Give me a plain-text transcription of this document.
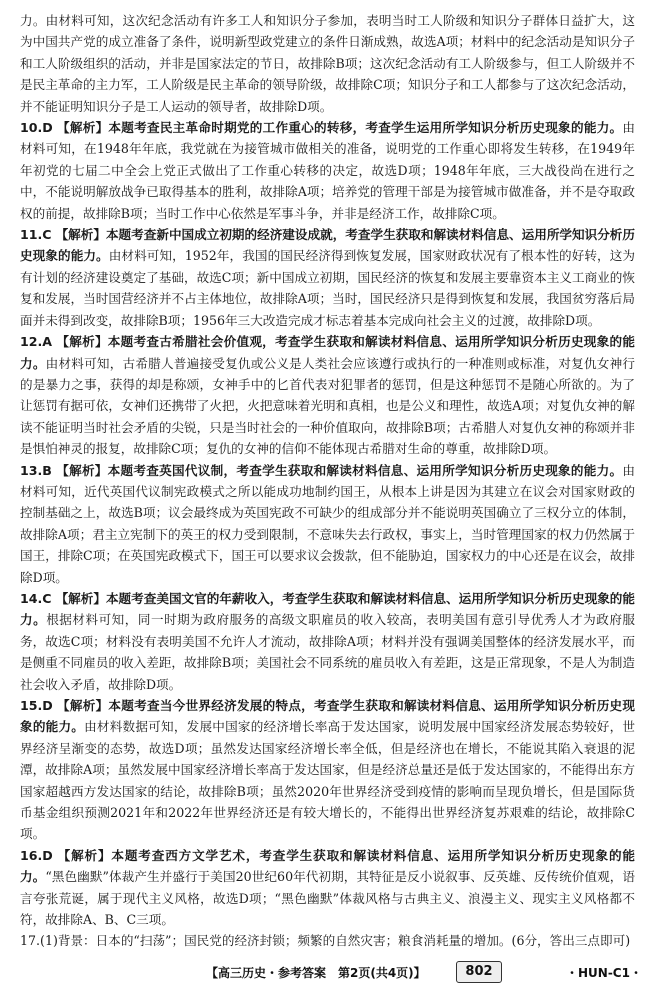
力。由材料可知，这次纪念活动有许多工人和知识分子参加，表明当时工人阶级和知识分子群体日益扩大，这为中国共产党的成立准备了条件，说明新型政党建立的条件日渐成熟，故选A项；材料中的纪念活动是知识分子和工人阶级组织的活动，并非是国家法定的节日，故排除B项；这次纪念活动有工人阶级参与，但工人阶级并不是民主革命的主力军，工人阶级是民主革命的领导阶级，故排除C项；知识分子和工人都参与了这次纪念活动，并不能证明知识分子是工人运动的领导者，故排除D项。
10.D 【解析】本题考查民主革命时期党的工作重心的转移，考查学生运用所学知识分析历史现象的能力。由材料可知，在1948年年底，我党就在为接管城市做相关的准备，说明党的工作重心即将发生转移，在1949年年初党的七届二中全会上党正式做出了工作重心转移的决定，故选D项；1948年年底，三大战役尚在进行之中，不能说明解放战争已取得基本的胜利，故排除A项；培养党的管理干部是为接管城市做准备，并不是夺取政权的前提，故排除B项；当时工作中心依然是军事斗争，并非是经济工作，故排除C项。
11.C 【解析】本题考查新中国成立初期的经济建设成就，考查学生获取和解读材料信息、运用所学知识分析历史现象的能力。由材料可知，1952年，我国的国民经济得到恢复发展，国家财政状况有了根本性的好转，这为有计划的经济建设奠定了基础，故选C项；新中国成立初期，国民经济的恢复和发展主要靠资本主义工商业的恢复和发展，当时国营经济并不占主体地位，故排除A项；当时，国民经济只是得到恢复和发展，我国贫穷落后局面并未得到改变，故排除B项；1956年三大改造完成才标志着基本完成向社会主义的过渡，故排除D项。
12.A 【解析】本题考查古希腊社会价值观，考查学生获取和解读材料信息、运用所学知识分析历史现象的能力。由材料可知，古希腊人普遍接受复仇或公义是人类社会应该遵行或执行的一种准则或标准，对复仇女神行的是暴力之事，获得的却是称颂，女神手中的匕首代表对犯罪者的惩罚，但是这种惩罚不是随心所欲的。为了让惩罚有据可依，女神们还携带了火把，火把意味着光明和真相，也是公义和理性，故选A项；对复仇女神的解读不能证明当时社会矛盾的尖锐，只是当时社会的一种价值取向，故排除B项；古希腊人对复仇女神的称颂并非是惧怕神灵的报复，故排除C项；复仇的女神的信仰不能体现古希腊对生命的尊重，故排除D项。
13.B 【解析】本题考查英国代议制，考查学生获取和解读材料信息、运用所学知识分析历史现象的能力。由材料可知，近代英国代议制宪政模式之所以能成功地制约国王，从根本上讲是因为其建立在议会对国家财政的控制基础之上，故选B项；议会最终成为英国宪政不可缺少的组成部分并不能说明英国确立了三权分立的体制，故排除A项；君主立宪制下的英王的权力受到限制，不意味失去行政权，事实上，当时管理国家的权力仍然属于国王，排除C项；在英国宪政模式下，国王可以要求议会拨款，但不能胁迫，国家权力的中心还是在议会，故排除D项。
14.C 【解析】本题考查美国文官的年薪收入，考查学生获取和解读材料信息、运用所学知识分析历史现象的能力。根据材料可知，同一时期为政府服务的高级文职雇员的收入较高，表明美国有意引导优秀人才为政府服务，故选C项；材料没有表明美国不允许人才流动，故排除A项；材料并没有强调美国整体的经济发展水平，而是侧重不同雇员的收入差距，故排除B项；美国社会不同系统的雇员收入有差距，这是正常现象，不是人为制造社会收入矛盾，故排除D项。
15.D 【解析】本题考查当今世界经济发展的特点，考查学生获取和解读材料信息、运用所学知识分析历史现象的能力。由材料数据可知，发展中国家的经济增长率高于发达国家，说明发展中国家经济发展态势较好，世界经济呈渐变的态势，故选D项；虽然发达国家经济增长率全低，但是经济也在增长，不能说其陷入衰退的泥潭，故排除A项；虽然发展中国家经济增长率高于发达国家，但是经济总量还是低于发达国家的，不能得出东方国家超越西方发达国家的结论，故排除B项；虽然2020年世界经济受到疫情的影响而呈现负增长，但是国际货币基金组织预测2021年和2022年世界经济还是有较大增长的，不能得出世界经济复苏艰难的结论，故排除C项。
16.D 【解析】本题考查西方文学艺术，考查学生获取和解读材料信息、运用所学知识分析历史现象的能力。“黑色幽默”体裁产生并盛行于美国20世纪60年代初期，其特征是反小说叙事、反英雄、反传统价值观，语言夸张荒诞，属于现代主义风格，故选D项；“黑色幽默”体裁风格与古典主义、浪漫主义、现实主义风格都不符，故排除A、B、C三项。
17.(1)背景：日本的“扫荡”；国民党的经济封锁；频繁的自然灾害；粮食消耗量的增加。(6分，答出三点即可)
【高三历史・参考答案　第2页(共4页)】	802	・HUN-C1・
